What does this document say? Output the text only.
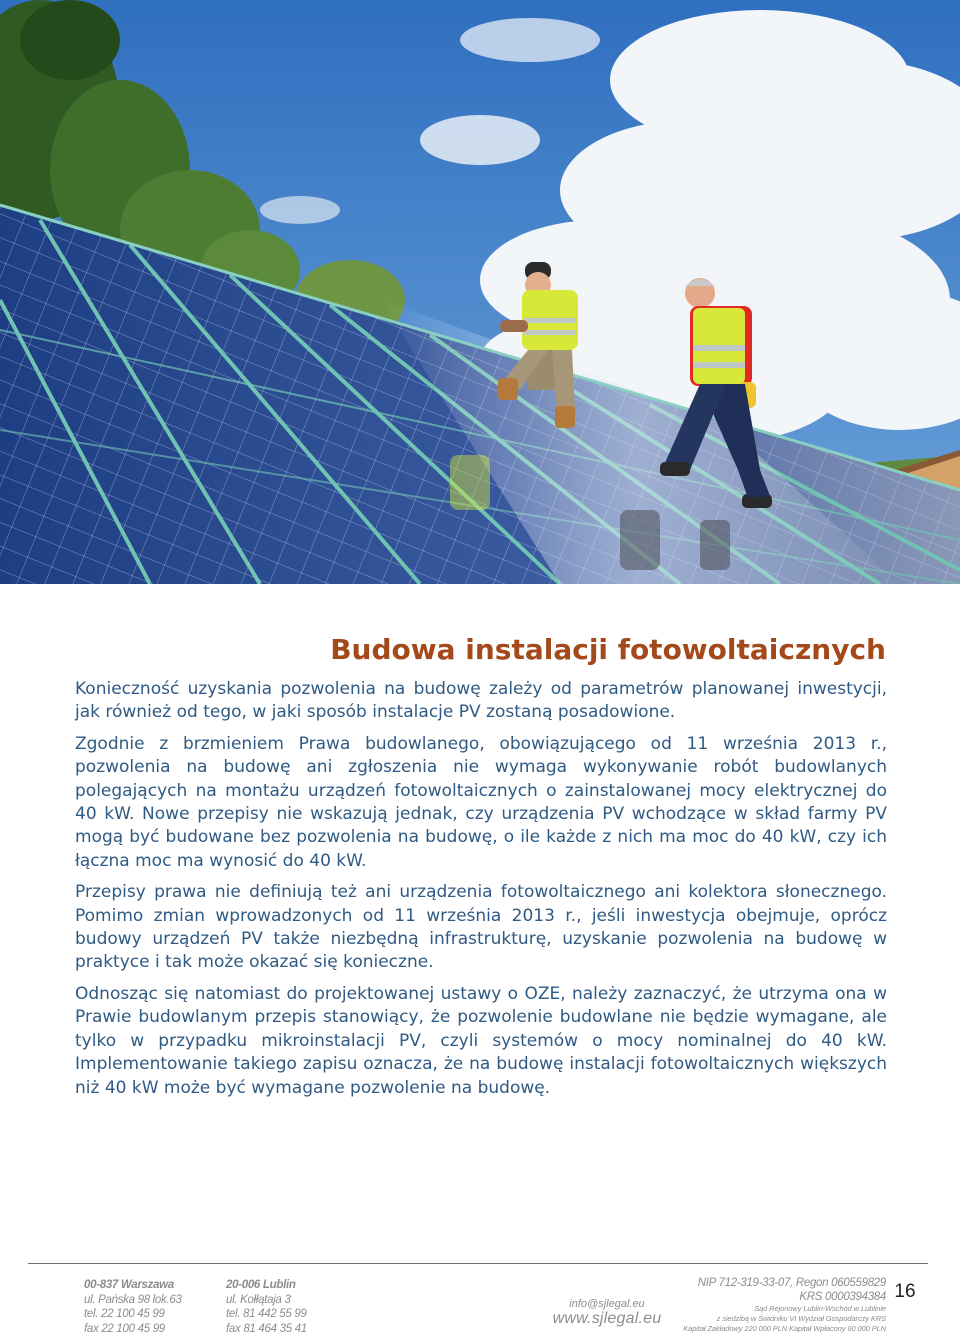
Budowa instalacji fotowoltaicznych

Konieczność uzyskania pozwolenia na budowę zależy od parametrów planowanej inwestycji, jak również od tego, w jaki sposób instalacje PV zostaną posadowione.

Zgodnie z brzmieniem Prawa budowlanego, obowiązującego od 11 września 2013 r., pozwolenia na budowę ani zgłoszenia nie wymaga wykonywanie robót budowlanych polegających na montażu urządzeń fotowoltaicznych o zainstalowanej mocy elektrycznej do 40 kW. Nowe przepisy nie wskazują jednak, czy urządzenia PV wchodzące w skład farmy PV mogą być budowane bez pozwolenia na budowę, o ile każde z nich ma moc do 40 kW, czy ich łączna moc ma wynosić do 40 kW.

Przepisy prawa nie definiują też ani urządzenia fotowoltaicznego ani kolektora słonecznego. Pomimo zmian wprowadzonych od 11 września 2013 r., jeśli inwestycja obejmuje, oprócz budowy urządzeń PV także niezbędną infrastrukturę, uzyskanie pozwolenia na budowę w praktyce i tak może okazać się konieczne.

Odnosząc się natomiast do projektowanej ustawy o OZE, należy zaznaczyć, że utrzyma ona w Prawie budowlanym przepis stanowiący, że pozwolenie budowlane nie będzie wymagane, ale tylko w przypadku mikroinstalacji PV, czyli systemów o mocy nominalnej do 40 kW. Implementowanie takiego zapisu oznacza, że na budowę instalacji fotowoltaicznych większych niż 40 kW może być wymagane pozwolenie na budowę.

00-837 Warszawa
ul. Pańska 98 lok.63
tel. 22 100 45 99
fax 22 100 45 99
20-006 Lublin
ul. Kołłątaja 3
tel. 81 442 55 99
fax 81 464 35 41
info@sjlegal.eu
www.sjlegal.eu
NIP 712-319-33-07, Regon 060559829
KRS 0000394384
Sąd Rejonowy Lublin-Wschód w Lublinie
z siedzibą w Świdniku VI Wydział Gospodarczy KRS
Kapitał Zakładowy 220 000 PLN Kapitał Wpłacony 60 000 PLN
16
